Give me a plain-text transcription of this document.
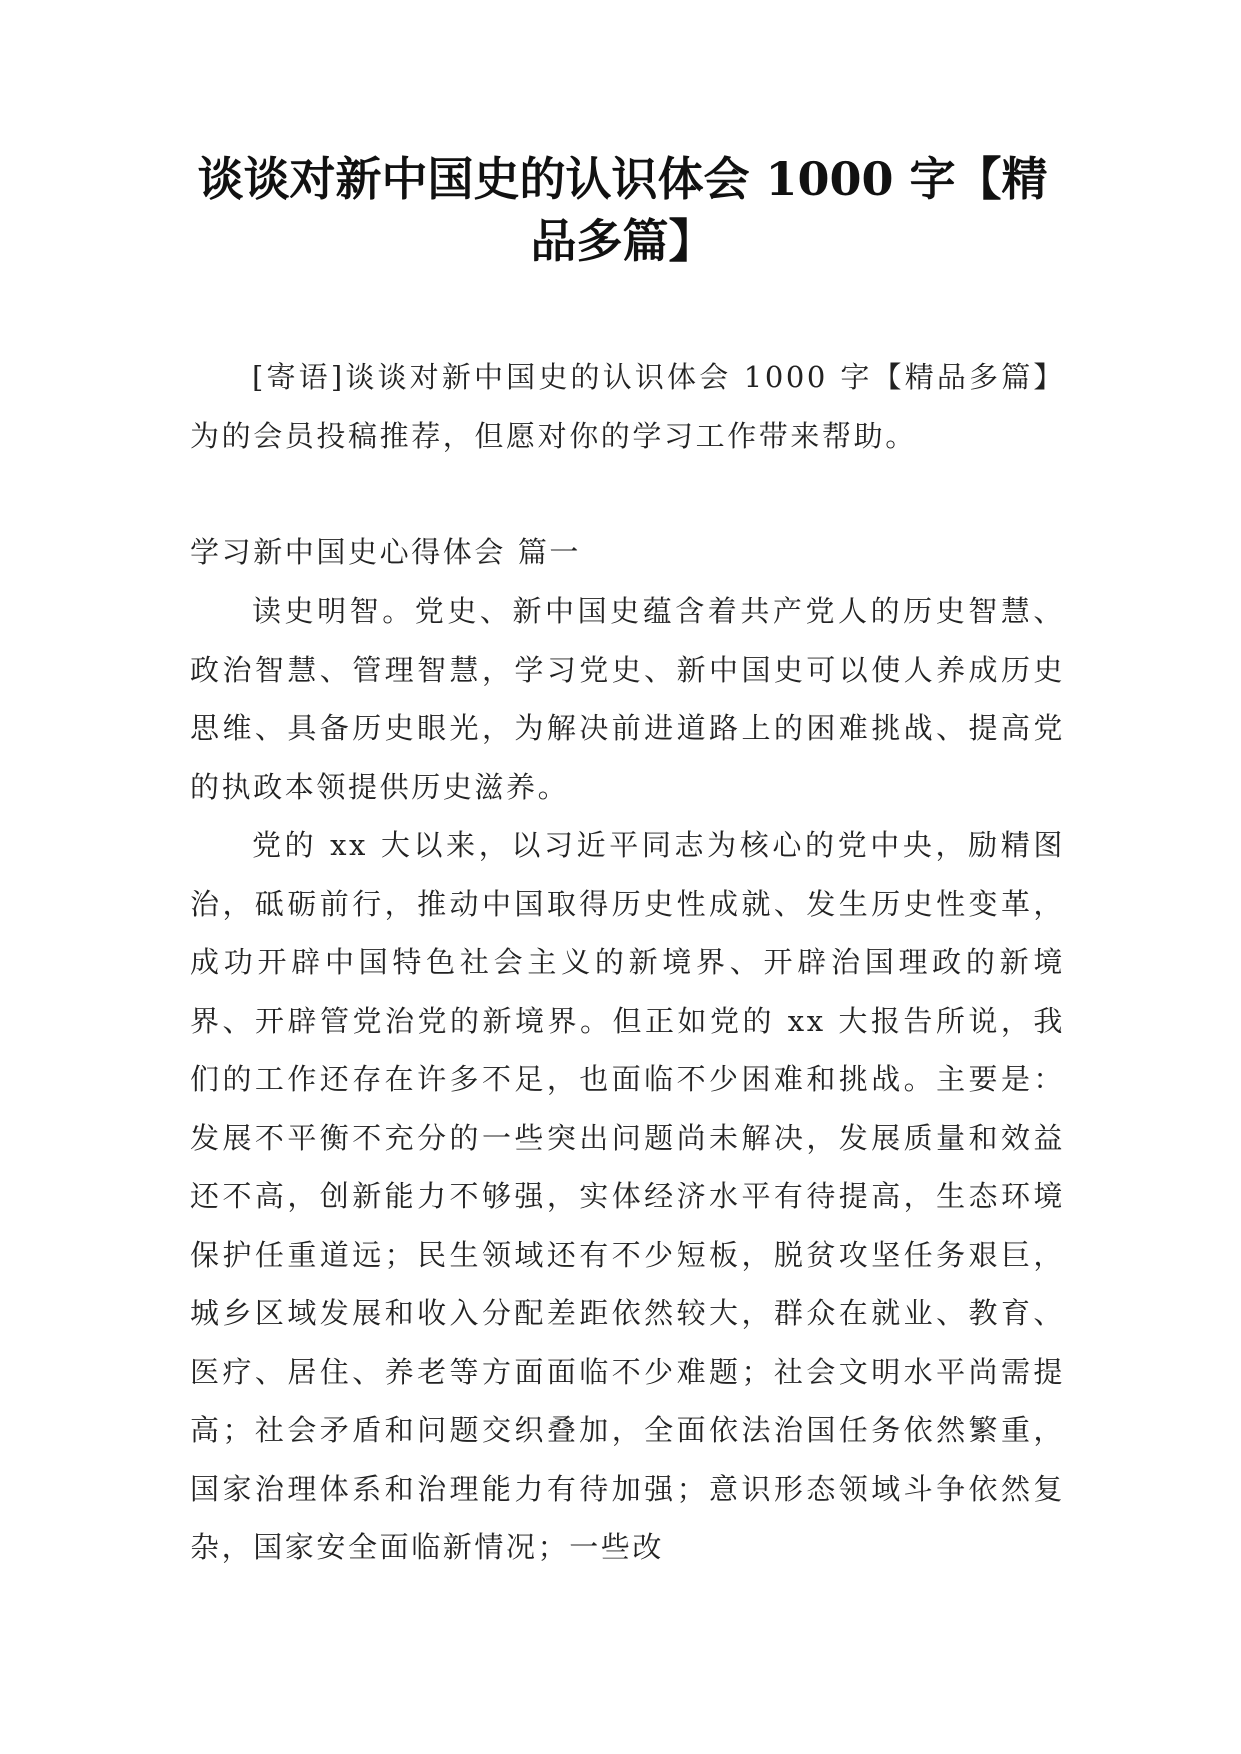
谈谈对新中国史的认识体会 1000 字【精品多篇】

[寄语]谈谈对新中国史的认识体会 1000 字【精品多篇】为的会员投稿推荐，但愿对你的学习工作带来帮助。

学习新中国史心得体会 篇一

读史明智。党史、新中国史蕴含着共产党人的历史智慧、政治智慧、管理智慧，学习党史、新中国史可以使人养成历史思维、具备历史眼光，为解决前进道路上的困难挑战、提高党的执政本领提供历史滋养。

党的 xx 大以来，以习近平同志为核心的党中央，励精图治，砥砺前行，推动中国取得历史性成就、发生历史性变革，成功开辟中国特色社会主义的新境界、开辟治国理政的新境界、开辟管党治党的新境界。但正如党的 xx 大报告所说，我们的工作还存在许多不足，也面临不少困难和挑战。主要是：发展不平衡不充分的一些突出问题尚未解决，发展质量和效益还不高，创新能力不够强，实体经济水平有待提高，生态环境保护任重道远；民生领域还有不少短板，脱贫攻坚任务艰巨，城乡区域发展和收入分配差距依然较大，群众在就业、教育、医疗、居住、养老等方面面临不少难题；社会文明水平尚需提高；社会矛盾和问题交织叠加，全面依法治国任务依然繁重，国家治理体系和治理能力有待加强；意识形态领域斗争依然复杂，国家安全面临新情况；一些改
